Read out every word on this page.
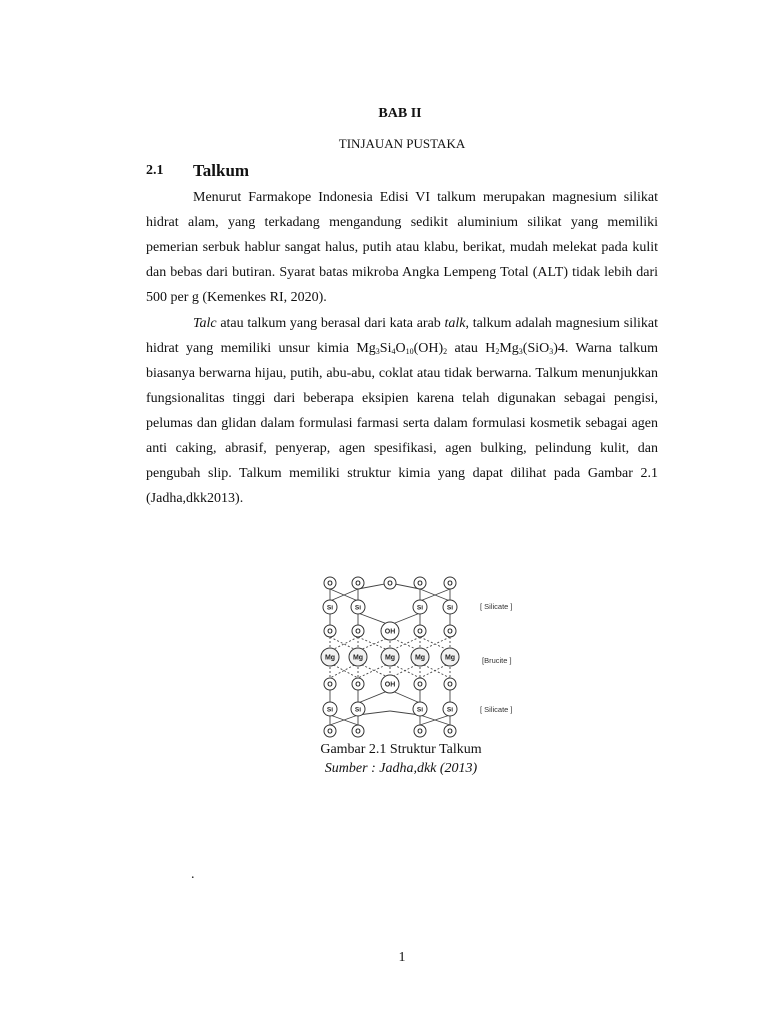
BAB II
TINJAUAN PUSTAKA
2.1 Talkum

Menurut Farmakope Indonesia Edisi VI talkum merupakan magnesium silikat hidrat alam, yang terkadang mengandung sedikit aluminium silikat yang memiliki pemerian serbuk hablur sangat halus, putih atau klabu, berikat, mudah melekat pada kulit dan bebas dari butiran. Syarat batas mikroba Angka Lempeng Total (ALT) tidak lebih dari 500 per g (Kemenkes RI, 2020).

Talc atau talkum yang berasal dari kata arab talk, talkum adalah magnesium silikat hidrat yang memiliki unsur kimia $Mg_3Si_4O_{10}(OH)_2$ atau $H_2Mg_3(SiO_3)4$. Warna talkum biasanya berwarna hijau, putih, abu-abu, coklat atau tidak berwarna. Talkum menunjukkan fungsionalitas tinggi dari beberapa eksipien karena telah digunakan sebagai pengisi, pelumas dan glidan dalam formulasi farmasi serta dalam formulasi kosmetik sebagai agen anti caking, abrasif, penyerap, agen spesifikasi, agen bulking, pelindung kulit, dan pengubah slip. Talkum memiliki struktur kimia yang dapat dilihat pada Gambar 2.1 (Jadha,dkk2013).

O	O	O	O	O
Si	Si	Si	Si
O	O	O	O
OH
Mg	Mg	Mg	Mg	Mg
O	O	O	O
OH
Si	Si	Si	Si
O	O	O	O
[ Silicate ]
[Brucite ]
[ Silicate ]
Gambar 2.1 Struktur Talkum
Sumber : Jadha,dkk (2013)
.
1
